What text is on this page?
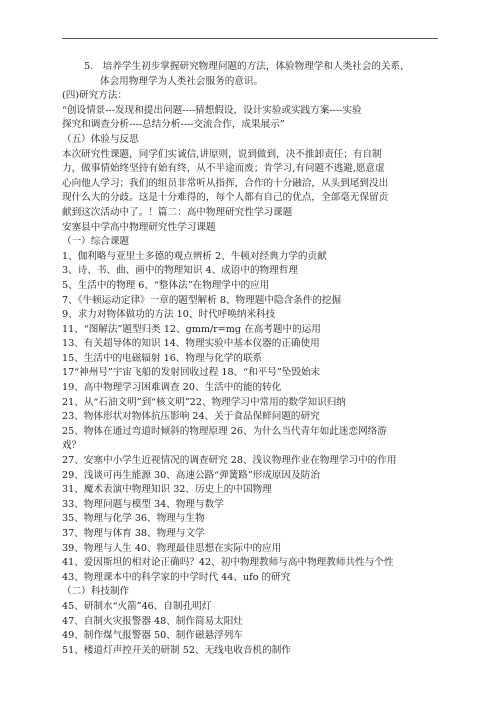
5.　培养学生初步掌握研究物理问题的方法，体验物理学和人类社会的关系，
体会用物理学为人类社会服务的意识。
(四)研究方法：
“创设情景---发现和提出问题----猜想假设，设计实验或实践方案----实验
探究和调查分析----总结分析----交流合作，成果展示”
（五）体验与反思
本次研究性课题，同学们实诚信,讲原则，说到做到，决不推卸责任；有自制
力，做事情始终坚持有始有终，从不半途而废；肯学习,有问题不逃避,愿意虚
心向他人学习；我们的组员非常听从指挥，合作的十分融洽，从头到尾到没出
现什么大的分歧。这是十分难得的，每个人都有自己的优点，全部毫无保留贡
献到这次活动中了。！篇二：高中物理研究性学习课题
安塞县中学高中物理研究性学习课题
（一）综合课题
1、伽利略与亚里士多德的观点辨析 2、牛顿对经典力学的贡献
3、诗、书、曲、画中的物理知识 4、成语中的物理哲理
5、生活中的物理 6、“整体法”在物理学中的应用
7、《牛顿运动定律》一章的题型解析 8、物理题中隐含条件的挖掘
9、求力对物体做功的方法 10、时代呼唤纳米科技
11、“图解法”题型归类 12、gmm/r=mg 在高考题中的运用
13、有关超导体的知识 14、物理实验中基本仪器的正确使用
15、生活中的电磁辐射 16、物理与化学的联系
17“神州号”宇宙飞船的发射回收过程 18、“和平号”坠毁始末
19、高中物理学习困难调查 20、生活中的能的转化
21、从“石油文明”到“核文明”22、物理学习中常用的数学知识归纳
23、物体形状对物体抗压影响 24、关于食品保鲜问题的研究
25、物体在通过弯道时倾斜的物理原理 26、为什么当代青年如此迷恋网络游
戏？
27、安塞中小学生近视情况的调查研究 28、浅议物理作业在物理学习中的作用
29、浅谈可再生能源 30、高速公路“弹簧路”形成原因及防治
31、魔术表演中物理知识 32、历史上的中国物理
33、物理问题与模型 34、物理与数学
35、物理与化学 36、物理与生物
37、物理与体育 38、物理与文学
39、物理与人生 40、物理最佳思想在实际中的应用
41、爱因斯坦的相对论正确吗？42、初中物理教师与高中物理教师共性与个性
43、物理课本中的科学家的中学时代 44、ufo 的研究
（二）科技制作
45、研制水“火箭”46、自制孔明灯
47、自制火灾报警器 48、制作简易太阳灶
49、制作煤气报警器 50、制作磁悬浮列车
51、楼道灯声控开关的研制 52、无线电收音机的制作
